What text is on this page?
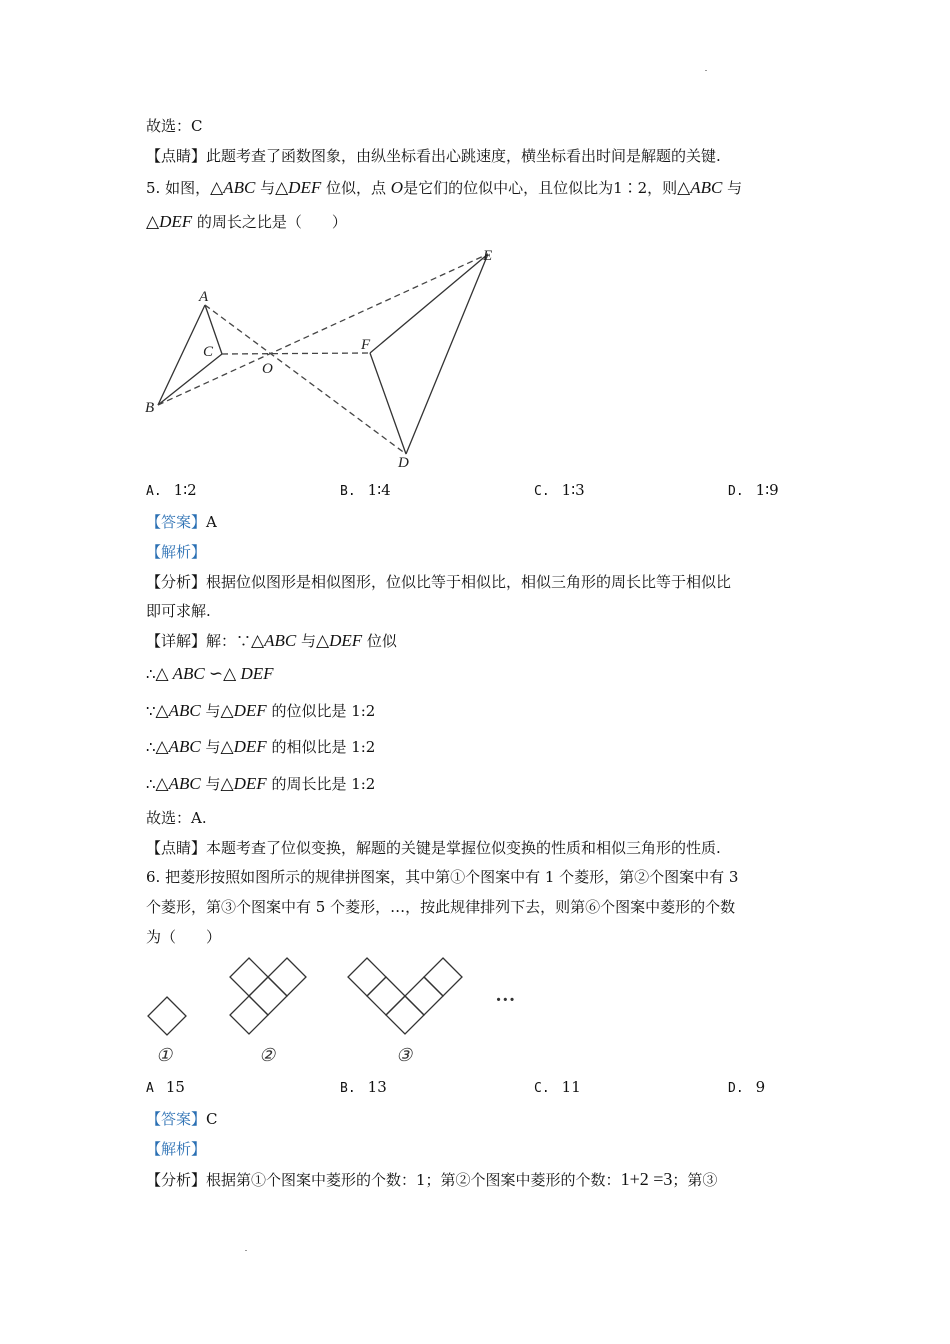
故选：C
【点睛】此题考查了函数图象，由纵坐标看出心跳速度，横坐标看出时间是解题的关键.
5. 如图，△ABC 与△DEF 位似，点 O是它们的位似中心，且位似比为1∶2，则△ABC 与
△DEF 的周长之比是（　　）
A
B
C
O
F
E
D
A. 1∶2	B. 1∶4	C. 1∶3	D. 1∶9
【答案】A
【解析】
【分析】根据位似图形是相似图形，位似比等于相似比，相似三角形的周长比等于相似比
即可求解.
【详解】解：∵△ABC 与△DEF 位似
∴△ ABC ∽△ DEF
∵△ABC 与△DEF 的位似比是 1:2
∴△ABC 与△DEF 的相似比是 1:2
∴△ABC 与△DEF 的周长比是 1:2
故选：A.
【点睛】本题考查了位似变换，解题的关键是掌握位似变换的性质和相似三角形的性质.
6. 把菱形按照如图所示的规律拼图案，其中第①个图案中有 1 个菱形，第②个图案中有 3
个菱形，第③个图案中有 5 个菱形，…，按此规律排列下去，则第⑥个图案中菱形的个数
为（　　）
①	②	③
…
A 15	B. 13	C. 11	D. 9
【答案】C
【解析】
【分析】根据第①个图案中菱形的个数：1；第②个图案中菱形的个数：1+2 =3；第③
